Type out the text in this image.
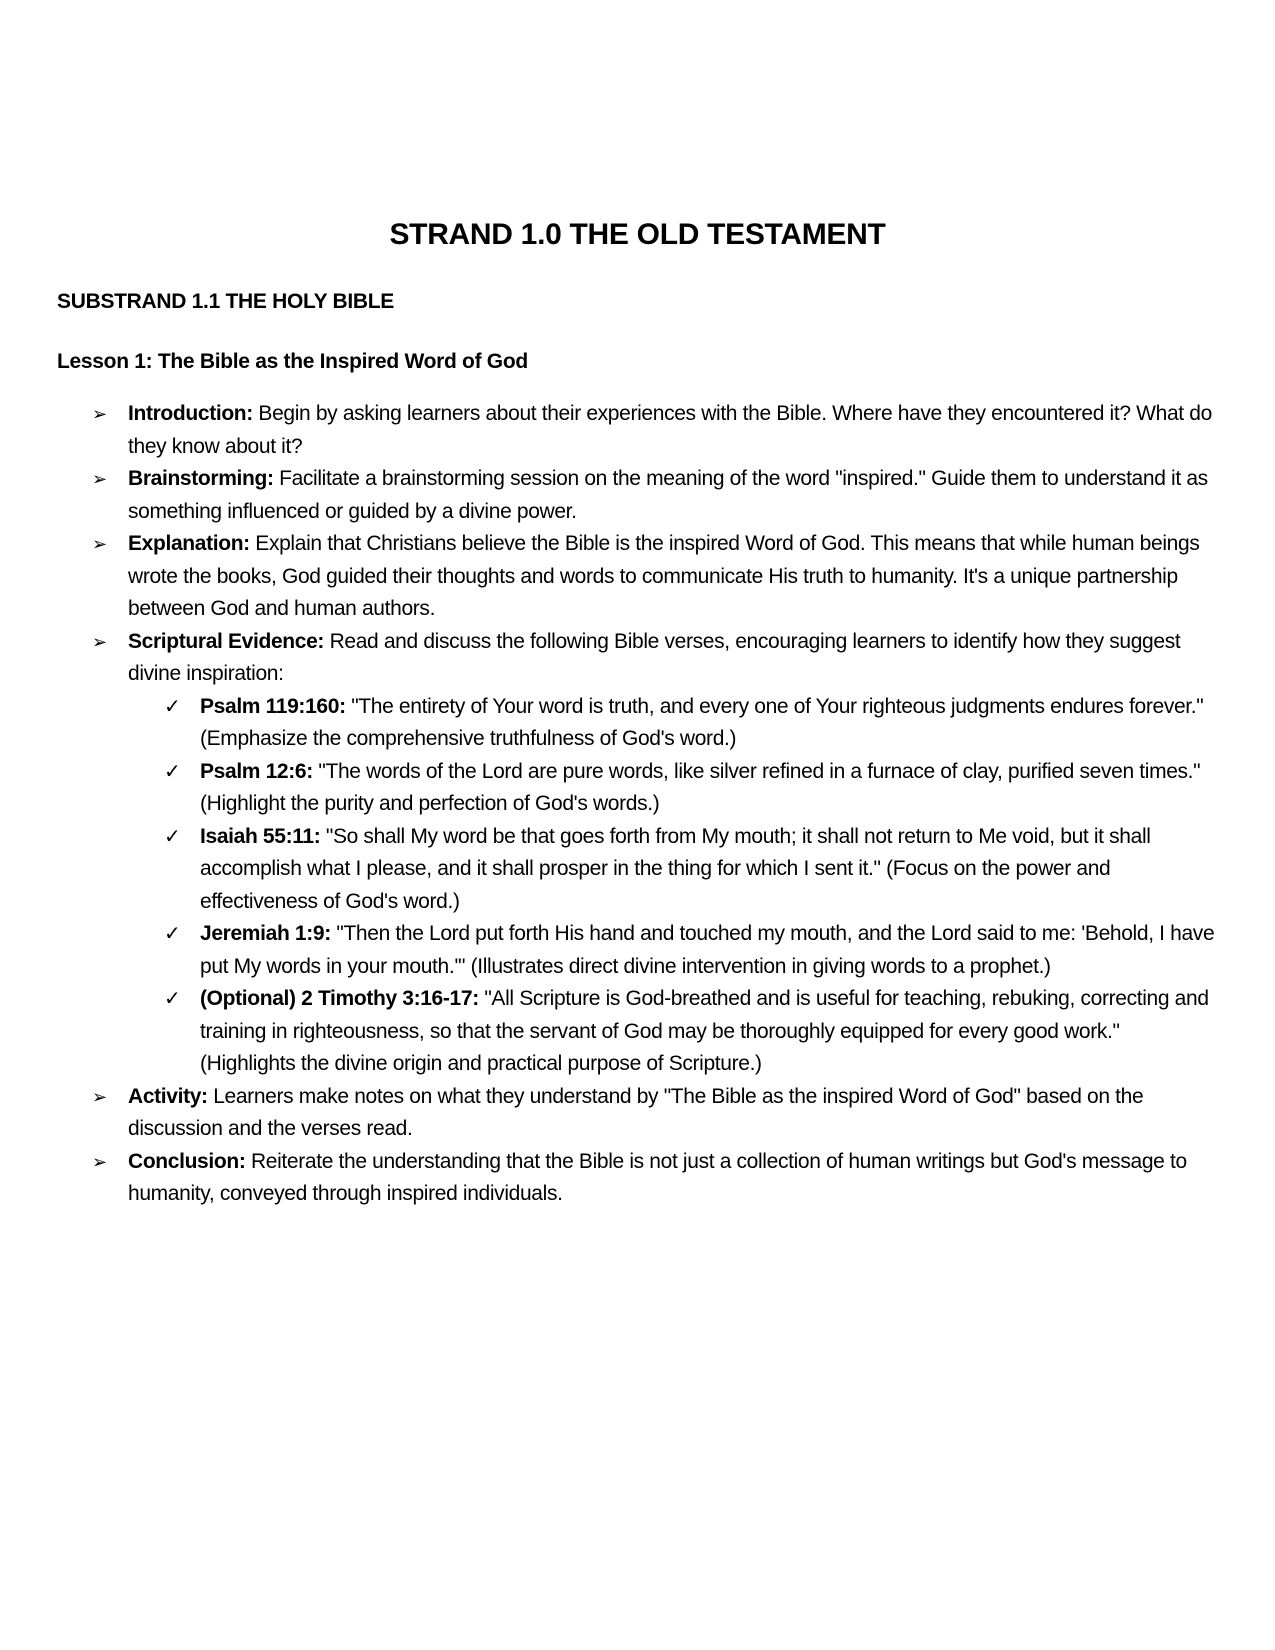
STRAND 1.0 THE OLD TESTAMENT
SUBSTRAND 1.1 THE HOLY BIBLE
Lesson 1: The Bible as the Inspired Word of God
➢ Introduction: Begin by asking learners about their experiences with the Bible. Where have they encountered it? What do they know about it?
➢ Brainstorming: Facilitate a brainstorming session on the meaning of the word "inspired." Guide them to understand it as something influenced or guided by a divine power.
➢ Explanation: Explain that Christians believe the Bible is the inspired Word of God. This means that while human beings wrote the books, God guided their thoughts and words to communicate His truth to humanity. It's a unique partnership between God and human authors.
➢ Scriptural Evidence: Read and discuss the following Bible verses, encouraging learners to identify how they suggest divine inspiration:
✓ Psalm 119:160: "The entirety of Your word is truth, and every one of Your righteous judgments endures forever." (Emphasize the comprehensive truthfulness of God's word.)
✓ Psalm 12:6: "The words of the Lord are pure words, like silver refined in a furnace of clay, purified seven times." (Highlight the purity and perfection of God's words.)
✓ Isaiah 55:11: "So shall My word be that goes forth from My mouth; it shall not return to Me void, but it shall accomplish what I please, and it shall prosper in the thing for which I sent it." (Focus on the power and effectiveness of God's word.)
✓ Jeremiah 1:9: "Then the Lord put forth His hand and touched my mouth, and the Lord said to me: 'Behold, I have put My words in your mouth.'" (Illustrates direct divine intervention in giving words to a prophet.)
✓ (Optional) 2 Timothy 3:16-17: "All Scripture is God-breathed and is useful for teaching, rebuking, correcting and training in righteousness, so that the servant of God may be thoroughly equipped for every good work." (Highlights the divine origin and practical purpose of Scripture.)
➢ Activity: Learners make notes on what they understand by "The Bible as the inspired Word of God" based on the discussion and the verses read.
➢ Conclusion: Reiterate the understanding that the Bible is not just a collection of human writings but God's message to humanity, conveyed through inspired individuals.
